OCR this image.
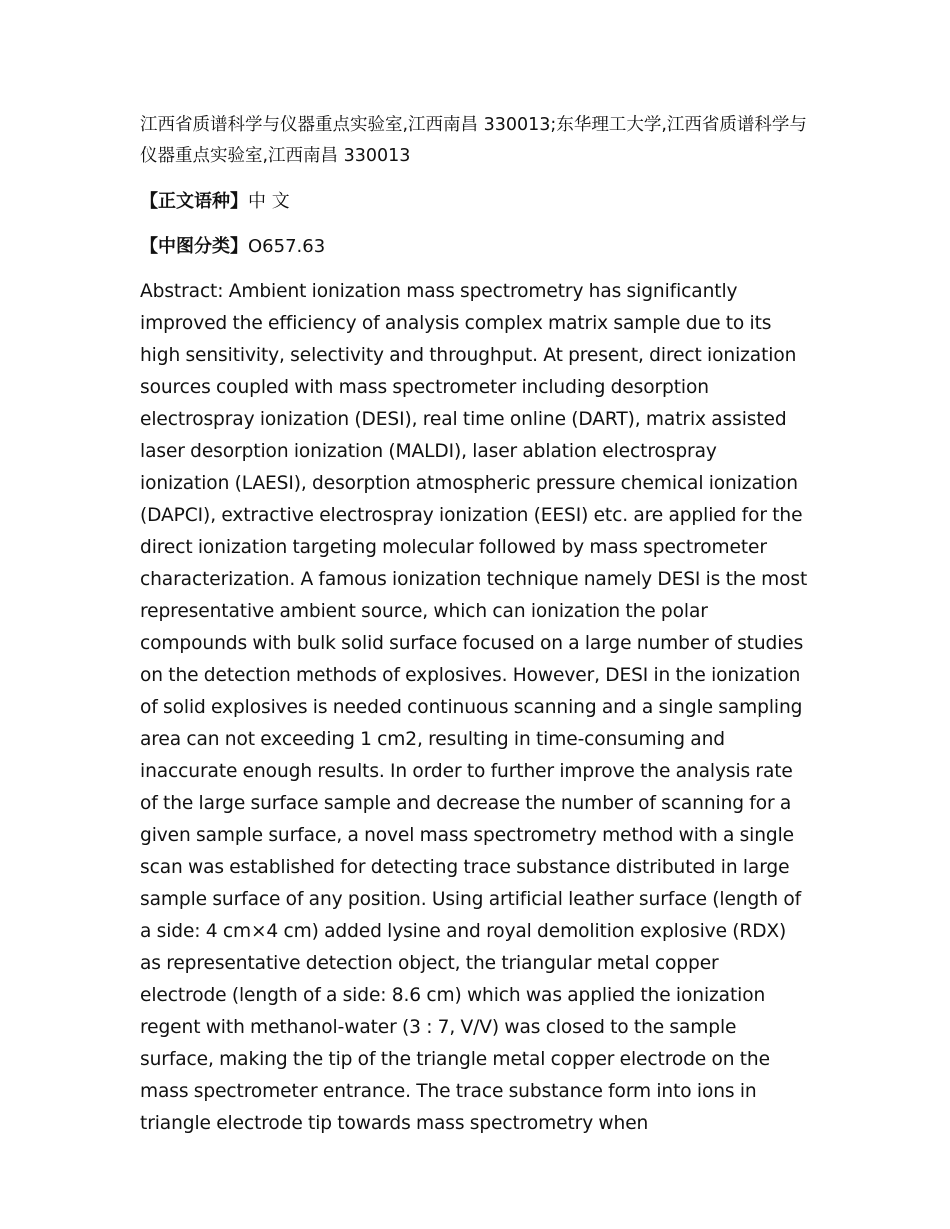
江西省质谱科学与仪器重点实验室,江西南昌 330013;东华理工大学,江西省质谱科学与仪器重点实验室,江西南昌 330013

【正文语种】中 文

【中图分类】O657.63

Abstract: Ambient ionization mass spectrometry has significantly improved the efficiency of analysis complex matrix sample due to its high sensitivity, selectivity and throughput. At present, direct ionization sources coupled with mass spectrometer including desorption electrospray ionization (DESI), real time online (DART), matrix assisted laser desorption ionization (MALDI), laser ablation electrospray ionization (LAESI), desorption atmospheric pressure chemical ionization (DAPCI), extractive electrospray ionization (EESI) etc. are applied for the direct ionization targeting molecular followed by mass spectrometer characterization. A famous ionization technique namely DESI is the most representative ambient source, which can ionization the polar compounds with bulk solid surface focused on a large number of studies on the detection methods of explosives. However, DESI in the ionization of solid explosives is needed continuous scanning and a single sampling area can not exceeding 1 cm2, resulting in time-consuming and inaccurate enough results. In order to further improve the analysis rate of the large surface sample and decrease the number of scanning for a given sample surface, a novel mass spectrometry method with a single scan was established for detecting trace substance distributed in large sample surface of any position. Using artificial leather surface (length of a side: 4 cm×4 cm) added lysine and royal demolition explosive (RDX) as representative detection object, the triangular metal copper electrode (length of a side: 8.6 cm) which was applied the ionization regent with methanol-water (3 : 7, V/V) was closed to the sample surface, making the tip of the triangle metal copper electrode on the mass spectrometer entrance. The trace substance form into ions in triangle electrode tip towards mass spectrometry when
